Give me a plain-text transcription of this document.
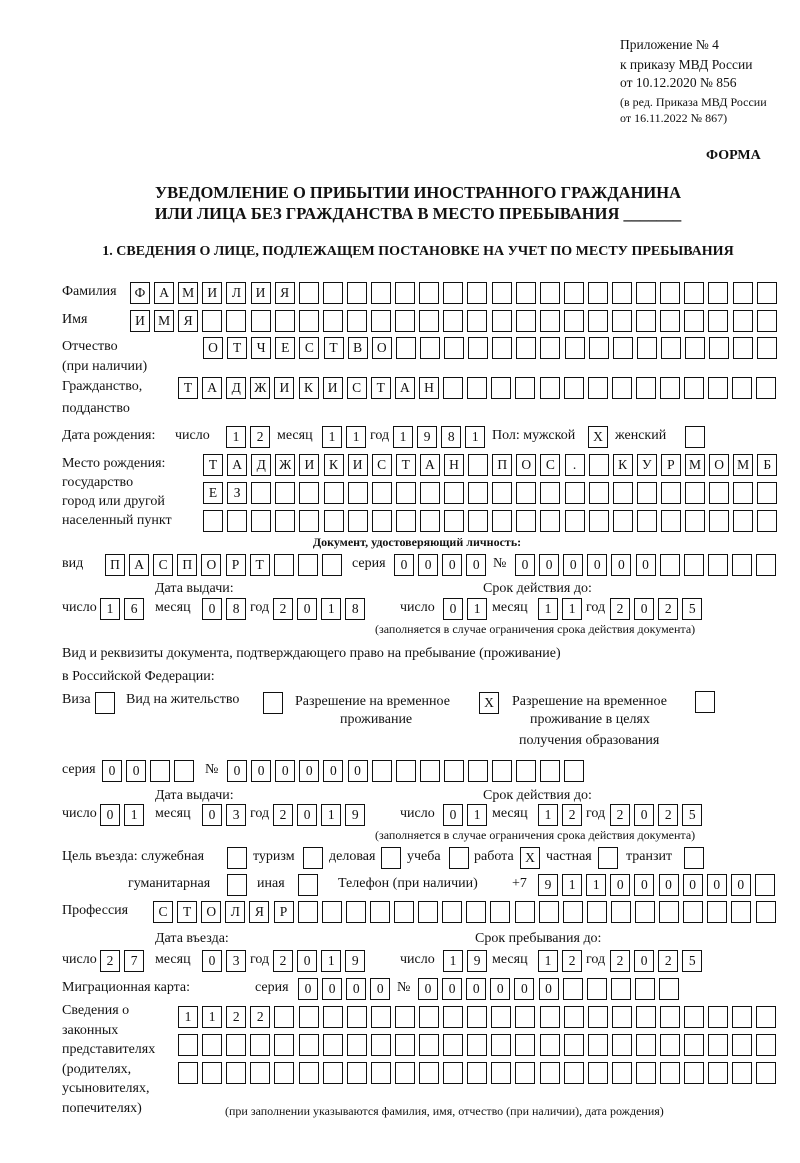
Приложение № 4
к приказу МВД России
от 10.12.2020 № 856
(в ред. Приказа МВД России
от 16.11.2022 № 867)
ФОРМА
УВЕДОМЛЕНИЕ О ПРИБЫТИИ ИНОСТРАННОГО ГРАЖДАНИНА
ИЛИ ЛИЦА БЕЗ ГРАЖДАНСТВА В МЕСТО ПРЕБЫВАНИЯ _______
1. СВЕДЕНИЯ О ЛИЦЕ, ПОДЛЕЖАЩЕМ ПОСТАНОВКЕ НА УЧЕТ ПО МЕСТУ ПРЕБЫВАНИЯ
Фамилия	Ф	А М И	Л	И	Я
Имя	И М	Я
Отчество	О	Т	Ч	Е	С	Т	В	О
(при наличии)
Гражданство,	Т	А	Д Ж И	К	И	С	Т	А	Н
подданство
Дата рождения: число	1	2 месяц	1	1 год 1	9	8	1 Пол: мужской	X женский
Место рождения:
государство
город или другой
населенный пункт
Т	А	Д Ж И	К	И	С	Т	А	Н	П	О	С	.	К	У	Р	М О М	Б
Е	З
Документ, удостоверяющий личность:
вид	П	А	С	П	О	Р	Т	серия	0	0	0	0 №	0	0	0	0	0	0
Дата выдачи:	Срок действия до:
число 1	6	месяц	0	8 год 2	0	1	8	число	0	1 месяц	1	1 год 2	0	2	5
(заполняется в случае ограничения срока действия документа)
Вид и реквизиты документа, подтверждающего право на пребывание (проживание)
в Российской Федерации:
Виза	Вид на жительство	Разрешение на временное
проживание
X	Разрешение на временное
проживание в целях
получения образования
серия 0	0	№	0	0	0	0	0	0
Дата выдачи:	Срок действия до:
число 0	1	месяц	0	3 год 2	0	1	9	число	0	1 месяц	1	2 год 2	0	2	5
(заполняется в случае ограничения срока действия документа)
Цель въезда: служебная	туризм деловая учеба работа X частная транзит
гуманитарная	иная	Телефон (при наличии) +7	9	1	1	0	0	0	0	0	0
Профессия	С	Т	О	Л	Я	Р
Дата въезда:	Срок пребывания до:
число 2	7	месяц	0	3 год 2	0	1	9	число	1	9 месяц	1	2 год 2	0	2	5
Миграционная карта:	серия	0	0	0	0 №	0	0	0	0	0	0
Сведения о
законных
представителях
(родителях,
усыновителях,
попечителях)
1	1	2	2
(при заполнении указываются фамилия, имя, отчество (при наличии), дата рождения)
